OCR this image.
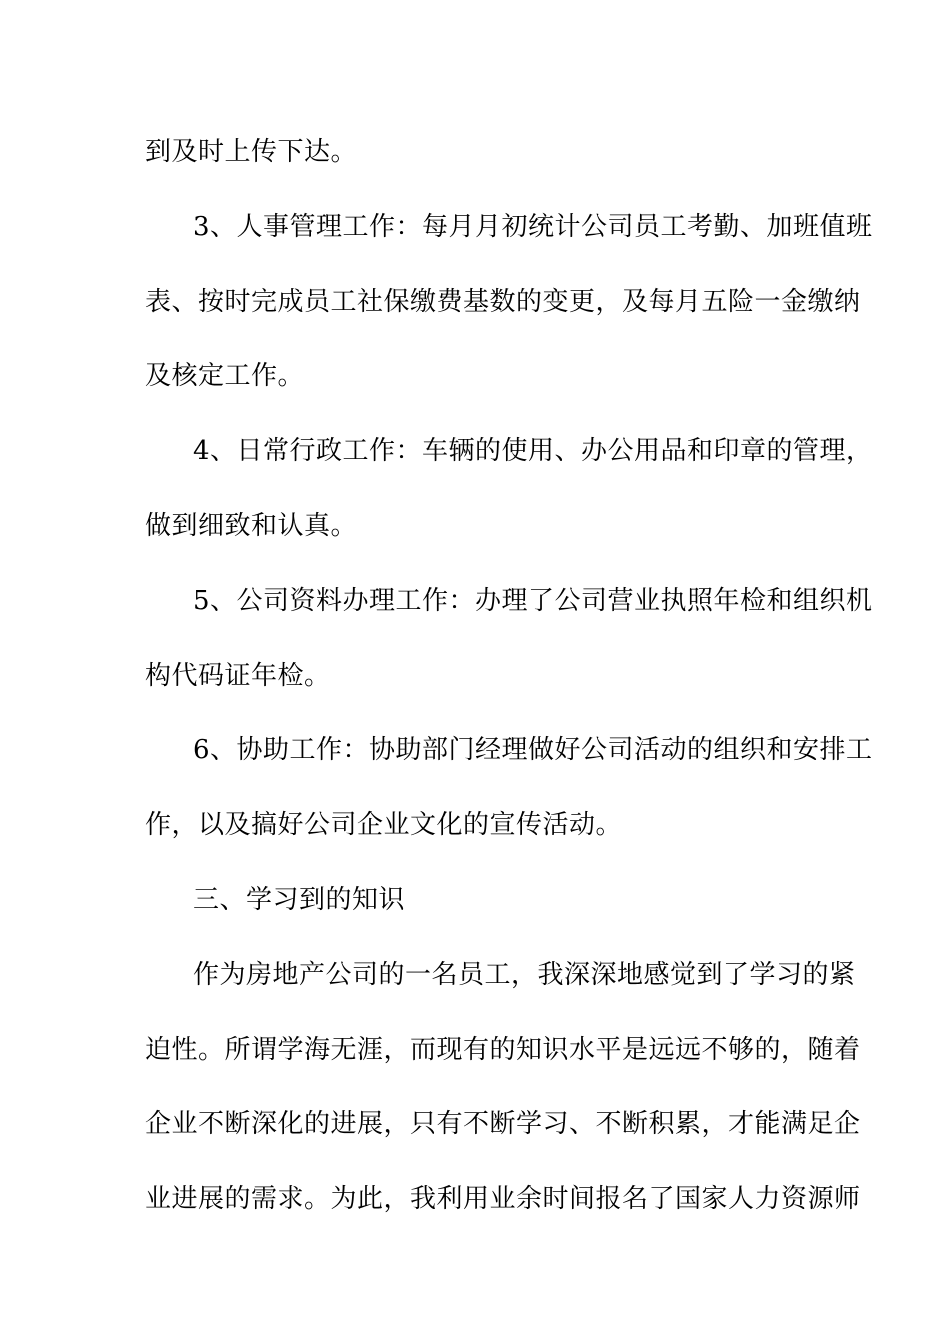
到及时上传下达。
3、人事管理工作：每月月初统计公司员工考勤、加班值班
表、按时完成员工社保缴费基数的变更，及每月五险一金缴纳
及核定工作。
4、日常行政工作：车辆的使用、办公用品和印章的管理，
做到细致和认真。
5、公司资料办理工作：办理了公司营业执照年检和组织机
构代码证年检。
6、协助工作：协助部门经理做好公司活动的组织和安排工
作，以及搞好公司企业文化的宣传活动。
三、学习到的知识
作为房地产公司的一名员工，我深深地感觉到了学习的紧
迫性。所谓学海无涯，而现有的知识水平是远远不够的，随着
企业不断深化的进展，只有不断学习、不断积累，才能满足企
业进展的需求。为此，我利用业余时间报名了国家人力资源师
